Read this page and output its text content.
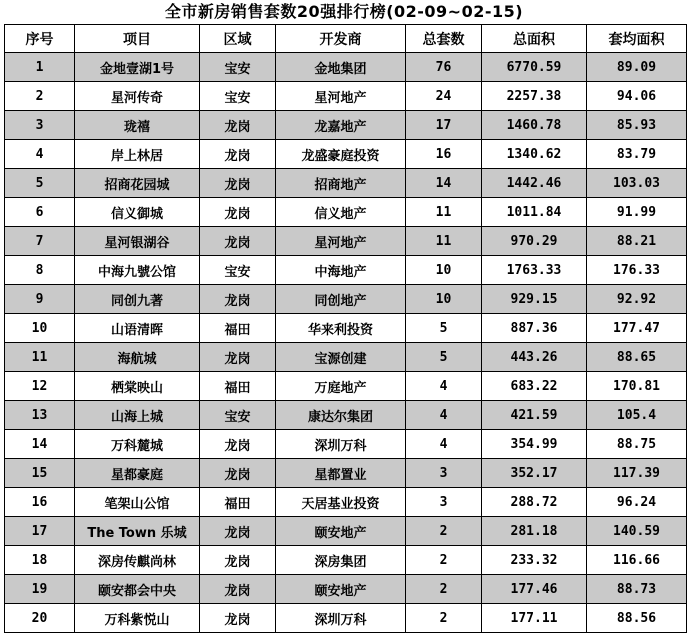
全市新房销售套数20强排行榜(02-09~02-15)
序号	项目	区域	开发商	总套数	总面积	套均面积
1	金地壹湖1号	宝安	金地集团	76	6770.59	89.09
2	星河传奇	宝安	星河地产	24	2257.38	94.06
3	珑禧	龙岗	龙嘉地产	17	1460.78	85.93
4	岸上林居	龙岗	龙盛豪庭投资	16	1340.62	83.79
5	招商花园城	龙岗	招商地产	14	1442.46	103.03
6	信义御城	龙岗	信义地产	11	1011.84	91.99
7	星河银湖谷	龙岗	星河地产	11	970.29	88.21
8	中海九號公馆	宝安	中海地产	10	1763.33	176.33
9	同创九著	龙岗	同创地产	10	929.15	92.92
10	山语清晖	福田	华来利投资	5	887.36	177.47
11	海航城	龙岗	宝源创建	5	443.26	88.65
12	栖棠映山	福田	万庭地产	4	683.22	170.81
13	山海上城	宝安	康达尔集团	4	421.59	105.4
14	万科麓城	龙岗	深圳万科	4	354.99	88.75
15	星都豪庭	龙岗	星都置业	3	352.17	117.39
16	笔架山公馆	福田	天居基业投资	3	288.72	96.24
17	The Town 乐城	龙岗	颐安地产	2	281.18	140.59
18	深房传麒尚林	龙岗	深房集团	2	233.32	116.66
19	颐安都会中央	龙岗	颐安地产	2	177.46	88.73
20	万科紫悦山	龙岗	深圳万科	2	177.11	88.56
